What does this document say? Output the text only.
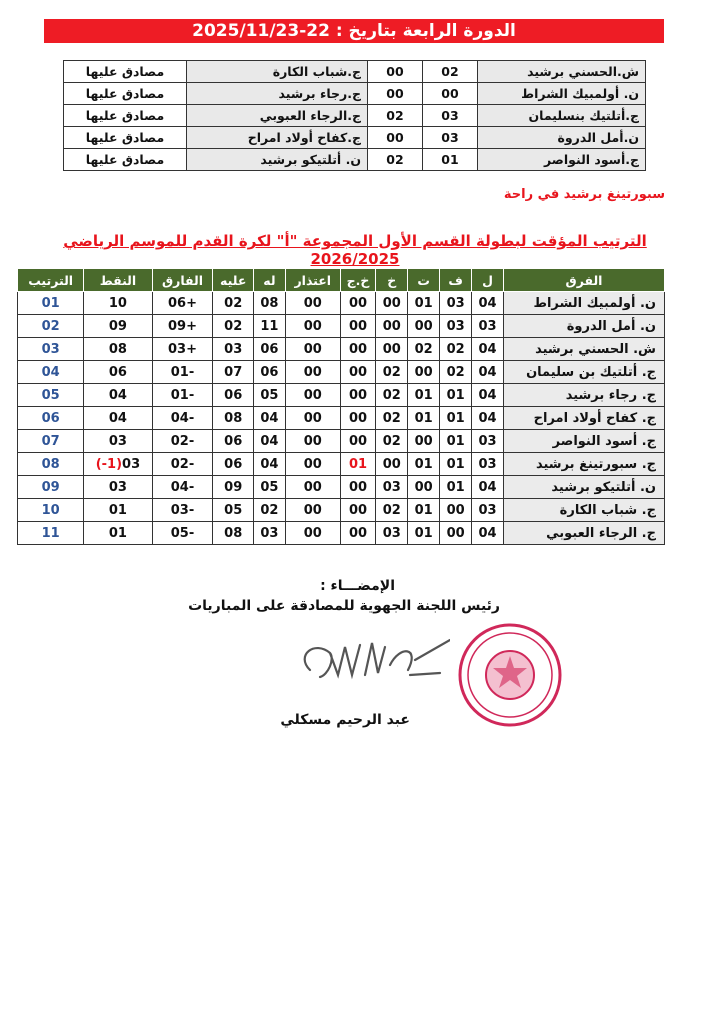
الدورة الرابعة بتاريخ : 22-2025/11/23
ش.الحسني برشيد	02	00	ج.شباب الكارة	مصادق عليها
ن. أولمبيك الشراط	00	00	ج.رجاء برشيد	مصادق عليها
ج.أتلتيك بنسليمان	03	02	ج.الرجاء العبوبي	مصادق عليها
ن.أمل الدروة	03	00	ج.كفاح أولاد امراح	مصادق عليها
ج.أسود النواصر	01	02	ن. أتلتيكو برشيد	مصادق عليها
سبورتينغ برشيد في راحة
الترتيب المؤقت لبطولة القسم الأول المجموعة "أ" لكرة القدم للموسم الرياضي 2026/2025
الفرق	ل	ف	ت	خ	خ.ج	اعتذار	له	عليه	الفارق	النقط	الترتيب
ن. أولمبيك الشراط	04	03	01	00	00	00	08	02	+06	10	01
ن. أمل الدروة	03	03	00	00	00	00	11	02	+09	09	02
ش. الحسني برشيد	04	02	02	00	00	00	06	03	+03	08	03
ج. أتلتيك بن سليمان	04	02	00	02	00	00	06	07	-01	06	04
ج. رجاء برشيد	04	01	01	02	00	00	05	06	-01	04	05
ج. كفاح أولاد امراح	04	01	01	02	00	00	04	08	-04	04	06
ج. أسود النواصر	03	01	00	02	00	00	04	06	-02	03	07
ج. سبورتينغ برشيد	03	01	01	00	01	00	04	06	-02	(-1)03	08
ن. أتلتيكو برشيد	04	01	00	03	00	00	05	09	-04	03	09
ج. شباب الكارة	03	00	01	02	00	00	02	05	-03	01	10
ج. الرجاء العبوبي	04	00	01	03	00	00	03	08	-05	01	11
الإمضـــاء :
رئيس اللجنة الجهوية للمصادقة على المباريات
عبد الرحيم مسكلي
